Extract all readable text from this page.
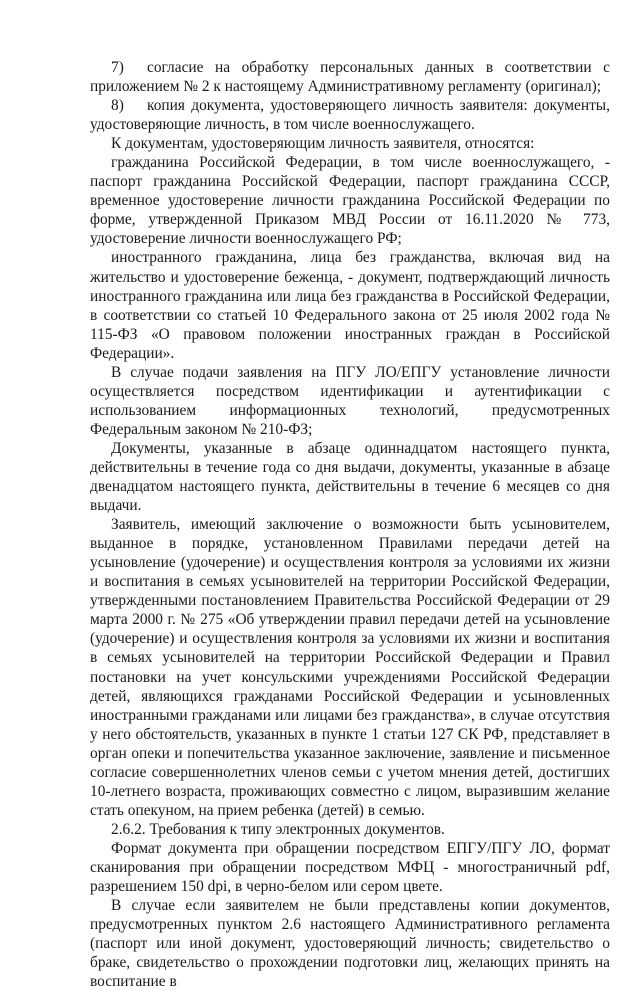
7) согласие на обработку персональных данных в соответствии с приложением № 2 к настоящему Административному регламенту (оригинал);

8) копия документа, удостоверяющего личность заявителя: документы, удостоверяющие личность, в том числе военнослужащего.

К документам, удостоверяющим личность заявителя, относятся:

гражданина Российской Федерации, в том числе военнослужащего, - паспорт гражданина Российской Федерации, паспорт гражданина СССР, временное удостоверение личности гражданина Российской Федерации по форме, утвержденной Приказом МВД России от 16.11.2020 № 773, удостоверение личности военнослужащего РФ;

иностранного гражданина, лица без гражданства, включая вид на жительство и удостоверение беженца, - документ, подтверждающий личность иностранного гражданина или лица без гражданства в Российской Федерации, в соответствии со статьей 10 Федерального закона от 25 июля 2002 года № 115-ФЗ «О правовом положении иностранных граждан в Российской Федерации».

В случае подачи заявления на ПГУ ЛО/ЕПГУ установление личности осуществляется посредством идентификации и аутентификации с использованием информационных технологий, предусмотренных Федеральным законом № 210-ФЗ;

Документы, указанные в абзаце одиннадцатом настоящего пункта, действительны в течение года со дня выдачи, документы, указанные в абзаце двенадцатом настоящего пункта, действительны в течение 6 месяцев со дня выдачи.

Заявитель, имеющий заключение о возможности быть усыновителем, выданное в порядке, установленном Правилами передачи детей на усыновление (удочерение) и осуществления контроля за условиями их жизни и воспитания в семьях усыновителей на территории Российской Федерации, утвержденными постановлением Правительства Российской Федерации от 29 марта 2000 г. № 275 «Об утверждении правил передачи детей на усыновление (удочерение) и осуществления контроля за условиями их жизни и воспитания в семьях усыновителей на территории Российской Федерации и Правил постановки на учет консульскими учреждениями Российской Федерации детей, являющихся гражданами Российской Федерации и усыновленных иностранными гражданами или лицами без гражданства», в случае отсутствия у него обстоятельств, указанных в пункте 1 статьи 127 СК РФ, представляет в орган опеки и попечительства указанное заключение, заявление и письменное согласие совершеннолетних членов семьи с учетом мнения детей, достигших 10-летнего возраста, проживающих совместно с лицом, выразившим желание стать опекуном, на прием ребенка (детей) в семью.

2.6.2. Требования к типу электронных документов.

Формат документа при обращении посредством ЕПГУ/ПГУ ЛО, формат сканирования при обращении посредством МФЦ - многостраничный pdf, разрешением 150 dpi, в черно-белом или сером цвете.

В случае если заявителем не были представлены копии документов, предусмотренных пунктом 2.6 настоящего Административного регламента (паспорт или иной документ, удостоверяющий личность; свидетельство о браке, свидетельство о прохождении подготовки лиц, желающих принять на воспитание в
